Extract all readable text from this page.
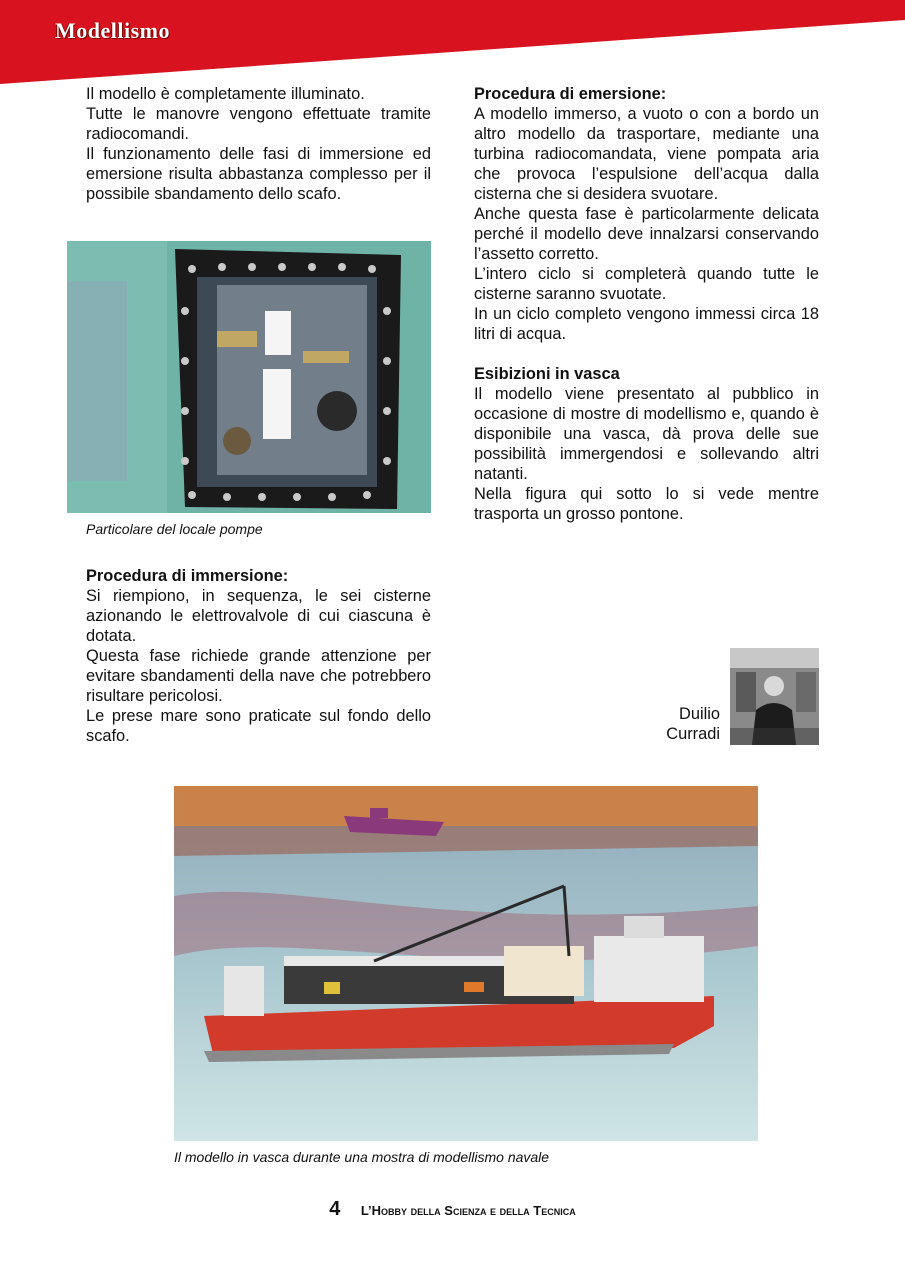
Modellismo

Il modello è completamente illuminato.

Tutte le manovre vengono effettuate tramite radiocomandi.

Il funzionamento delle fasi di immersione ed emersione risulta abbastanza complesso per il possibile sbandamento dello scafo.

Particolare del locale pompe
Procedura di immersione:

Si riempiono, in sequenza, le sei cisterne azionando le elettrovalvole di cui ciascuna è dotata.

Questa fase richiede grande attenzione per evitare sbandamenti della nave che potrebbero risultare pericolosi.

Le prese mare sono praticate sul fondo dello scafo.

Procedura di emersione:

A modello immerso, a vuoto o con a bordo un altro modello da trasportare, mediante una turbina radiocomandata, viene pompata aria che provoca l’espulsione dell’acqua dalla cisterna che si desidera svuotare.

Anche questa fase è particolarmente delicata perché il modello deve innalzarsi conservando l’assetto corretto.

L’intero ciclo si completerà quando tutte le cisterne saranno svuotate.

In un ciclo completo vengono immessi circa 18 litri di acqua.

Esibizioni in vasca

Il modello viene presentato al pubblico in occasione di mostre di modellismo e, quando è disponibile una vasca, dà prova delle sue possibilità immergendosi e sollevando altri natanti.

Nella figura qui sotto lo si vede mentre trasporta un grosso pontone.

Duilio
Curradi
Il modello in vasca durante una mostra di modellismo navale
4 L’Hobby della Scienza e della Tecnica
